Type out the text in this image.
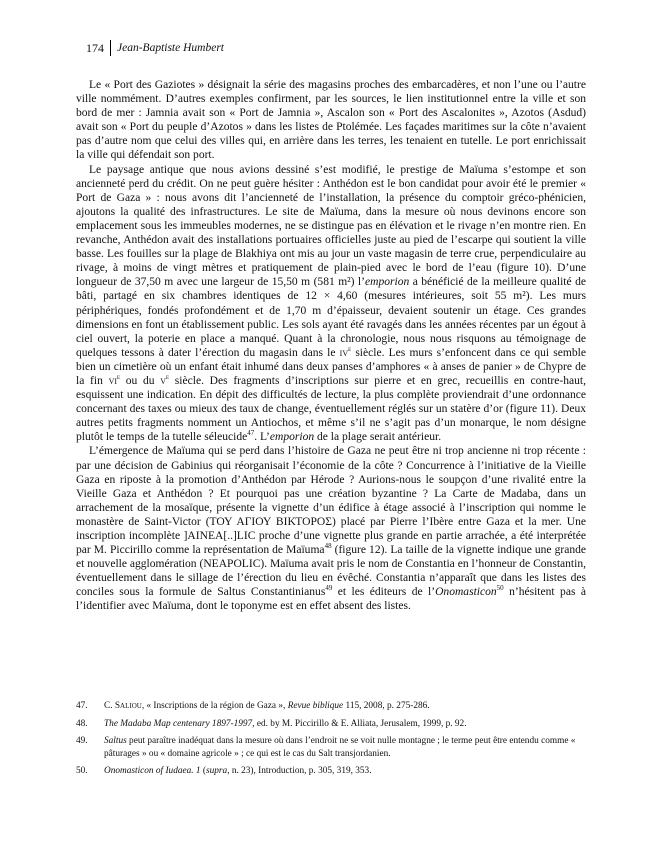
174 Jean-Baptiste Humbert

Le « Port des Gaziotes » désignait la série des magasins proches des embarcadères, et non l’une ou l’autre ville nommément. D’autres exemples confirment, par les sources, le lien institutionnel entre la ville et son bord de mer : Jamnia avait son « Port de Jamnia », Ascalon son « Port des Ascalonites », Azotos (Asdud) avait son « Port du peuple d’Azotos » dans les listes de Ptolémée. Les façades maritimes sur la côte n’avaient pas d’autre nom que celui des villes qui, en arrière dans les terres, les tenaient en tutelle. Le port enrichissait la ville qui défendait son port.

Le paysage antique que nous avions dessiné s’est modifié, le prestige de Maïuma s’estompe et son ancienneté perd du crédit. On ne peut guère hésiter : Anthédon est le bon candidat pour avoir été le premier « Port de Gaza » : nous avons dit l’ancienneté de l’installation, la présence du comptoir gréco-phénicien, ajoutons la qualité des infrastructures. Le site de Maïuma, dans la mesure où nous devinons encore son emplacement sous les immeubles modernes, ne se distingue pas en élévation et le rivage n’en montre rien. En revanche, Anthédon avait des installations portuaires officielles juste au pied de l’escarpe qui soutient la ville basse. Les fouilles sur la plage de Blakhiya ont mis au jour un vaste magasin de terre crue, perpendiculaire au rivage, à moins de vingt mètres et pratiquement de plain-pied avec le bord de l’eau (figure 10). D’une longueur de 37,50 m avec une largeur de 15,50 m (581 m²) l’emporion a bénéficié de la meilleure qualité de bâti, partagé en six chambres identiques de 12 × 4,60 (mesures intérieures, soit 55 m²). Les murs périphériques, fondés profondément et de 1,70 m d’épaisseur, devaient soutenir un étage. Ces grandes dimensions en font un établissement public. Les sols ayant été ravagés dans les années récentes par un égout à ciel ouvert, la poterie en place a manqué. Quant à la chronologie, nous nous risquons au témoignage de quelques tessons à dater l’érection du magasin dans le $iv^e$ siècle. Les murs s’enfoncent dans ce qui semble bien un cimetière où un enfant était inhumé dans deux panses d’amphores « à anses de panier » de Chypre de la fin $vi^e$ ou du $v^e$ siècle. Des fragments d’inscriptions sur pierre et en grec, recueillis en contre-haut, esquissent une indication. En dépit des difficultés de lecture, la plus complète proviendrait d’une ordonnance concernant des taxes ou mieux des taux de change, éventuellement réglés sur un statère d’or (figure 11). Deux autres petits fragments nomment un Antiochos, et même s’il ne s’agit pas d’un monarque, le nom désigne plutôt le temps de la tutelle séleucide$^{47}$. L’emporion de la plage serait antérieur.

L’émergence de Maïuma qui se perd dans l’histoire de Gaza ne peut être ni trop ancienne ni trop récente : par une décision de Gabinius qui réorganisait l’économie de la côte ? Concurrence à l’initiative de la Vieille Gaza en riposte à la promotion d’Anthédon par Hérode ? Aurions-nous le soupçon d’une rivalité entre la Vieille Gaza et Anthédon ? Et pourquoi pas une création byzantine ? La Carte de Madaba, dans un arrachement de la mosaïque, présente la vignette d’un édifice à étage associé à l’inscription qui nomme le monastère de Saint-Victor (ΤΟΥ ΑΓΙΟΥ ΒΙΚΤΟΡΟΣ) placé par Pierre l’Ibère entre Gaza et la mer. Une inscription incomplète ]ΑΙΝΕΑ[..]LIC proche d’une vignette plus grande en partie arrachée, a été interprétée par M. Piccirillo comme la représentation de Maïuma$^{48}$ (figure 12). La taille de la vignette indique une grande et nouvelle agglomération (NEAPOLIC). Maïuma avait pris le nom de Constantia en l’honneur de Constantin, éventuellement dans le sillage de l’érection du lieu en évêché. Constantia n’apparaît que dans les listes des conciles sous la formule de Saltus Constantinianus$^{49}$ et les éditeurs de l’Onomasticon$^{50}$ n’hésitent pas à l’identifier avec Maïuma, dont le toponyme est en effet absent des listes.

47.	C. Saliou, « Inscriptions de la région de Gaza », Revue biblique 115, 2008, p. 275-286.
48.	The Madaba Map centenary 1897-1997, ed. by M. Piccirillo & E. Alliata, Jerusalem, 1999, p. 92.
49.	Saltus peut paraître inadéquat dans la mesure où dans l’endroit ne se voit nulle montagne ; le terme peut être entendu comme « pâturages » ou « domaine agricole » ; ce qui est le cas du Salt transjordanien.
50.	Onomasticon of Iudaea. 1 (supra, n. 23), Introduction, p. 305, 319, 353.
